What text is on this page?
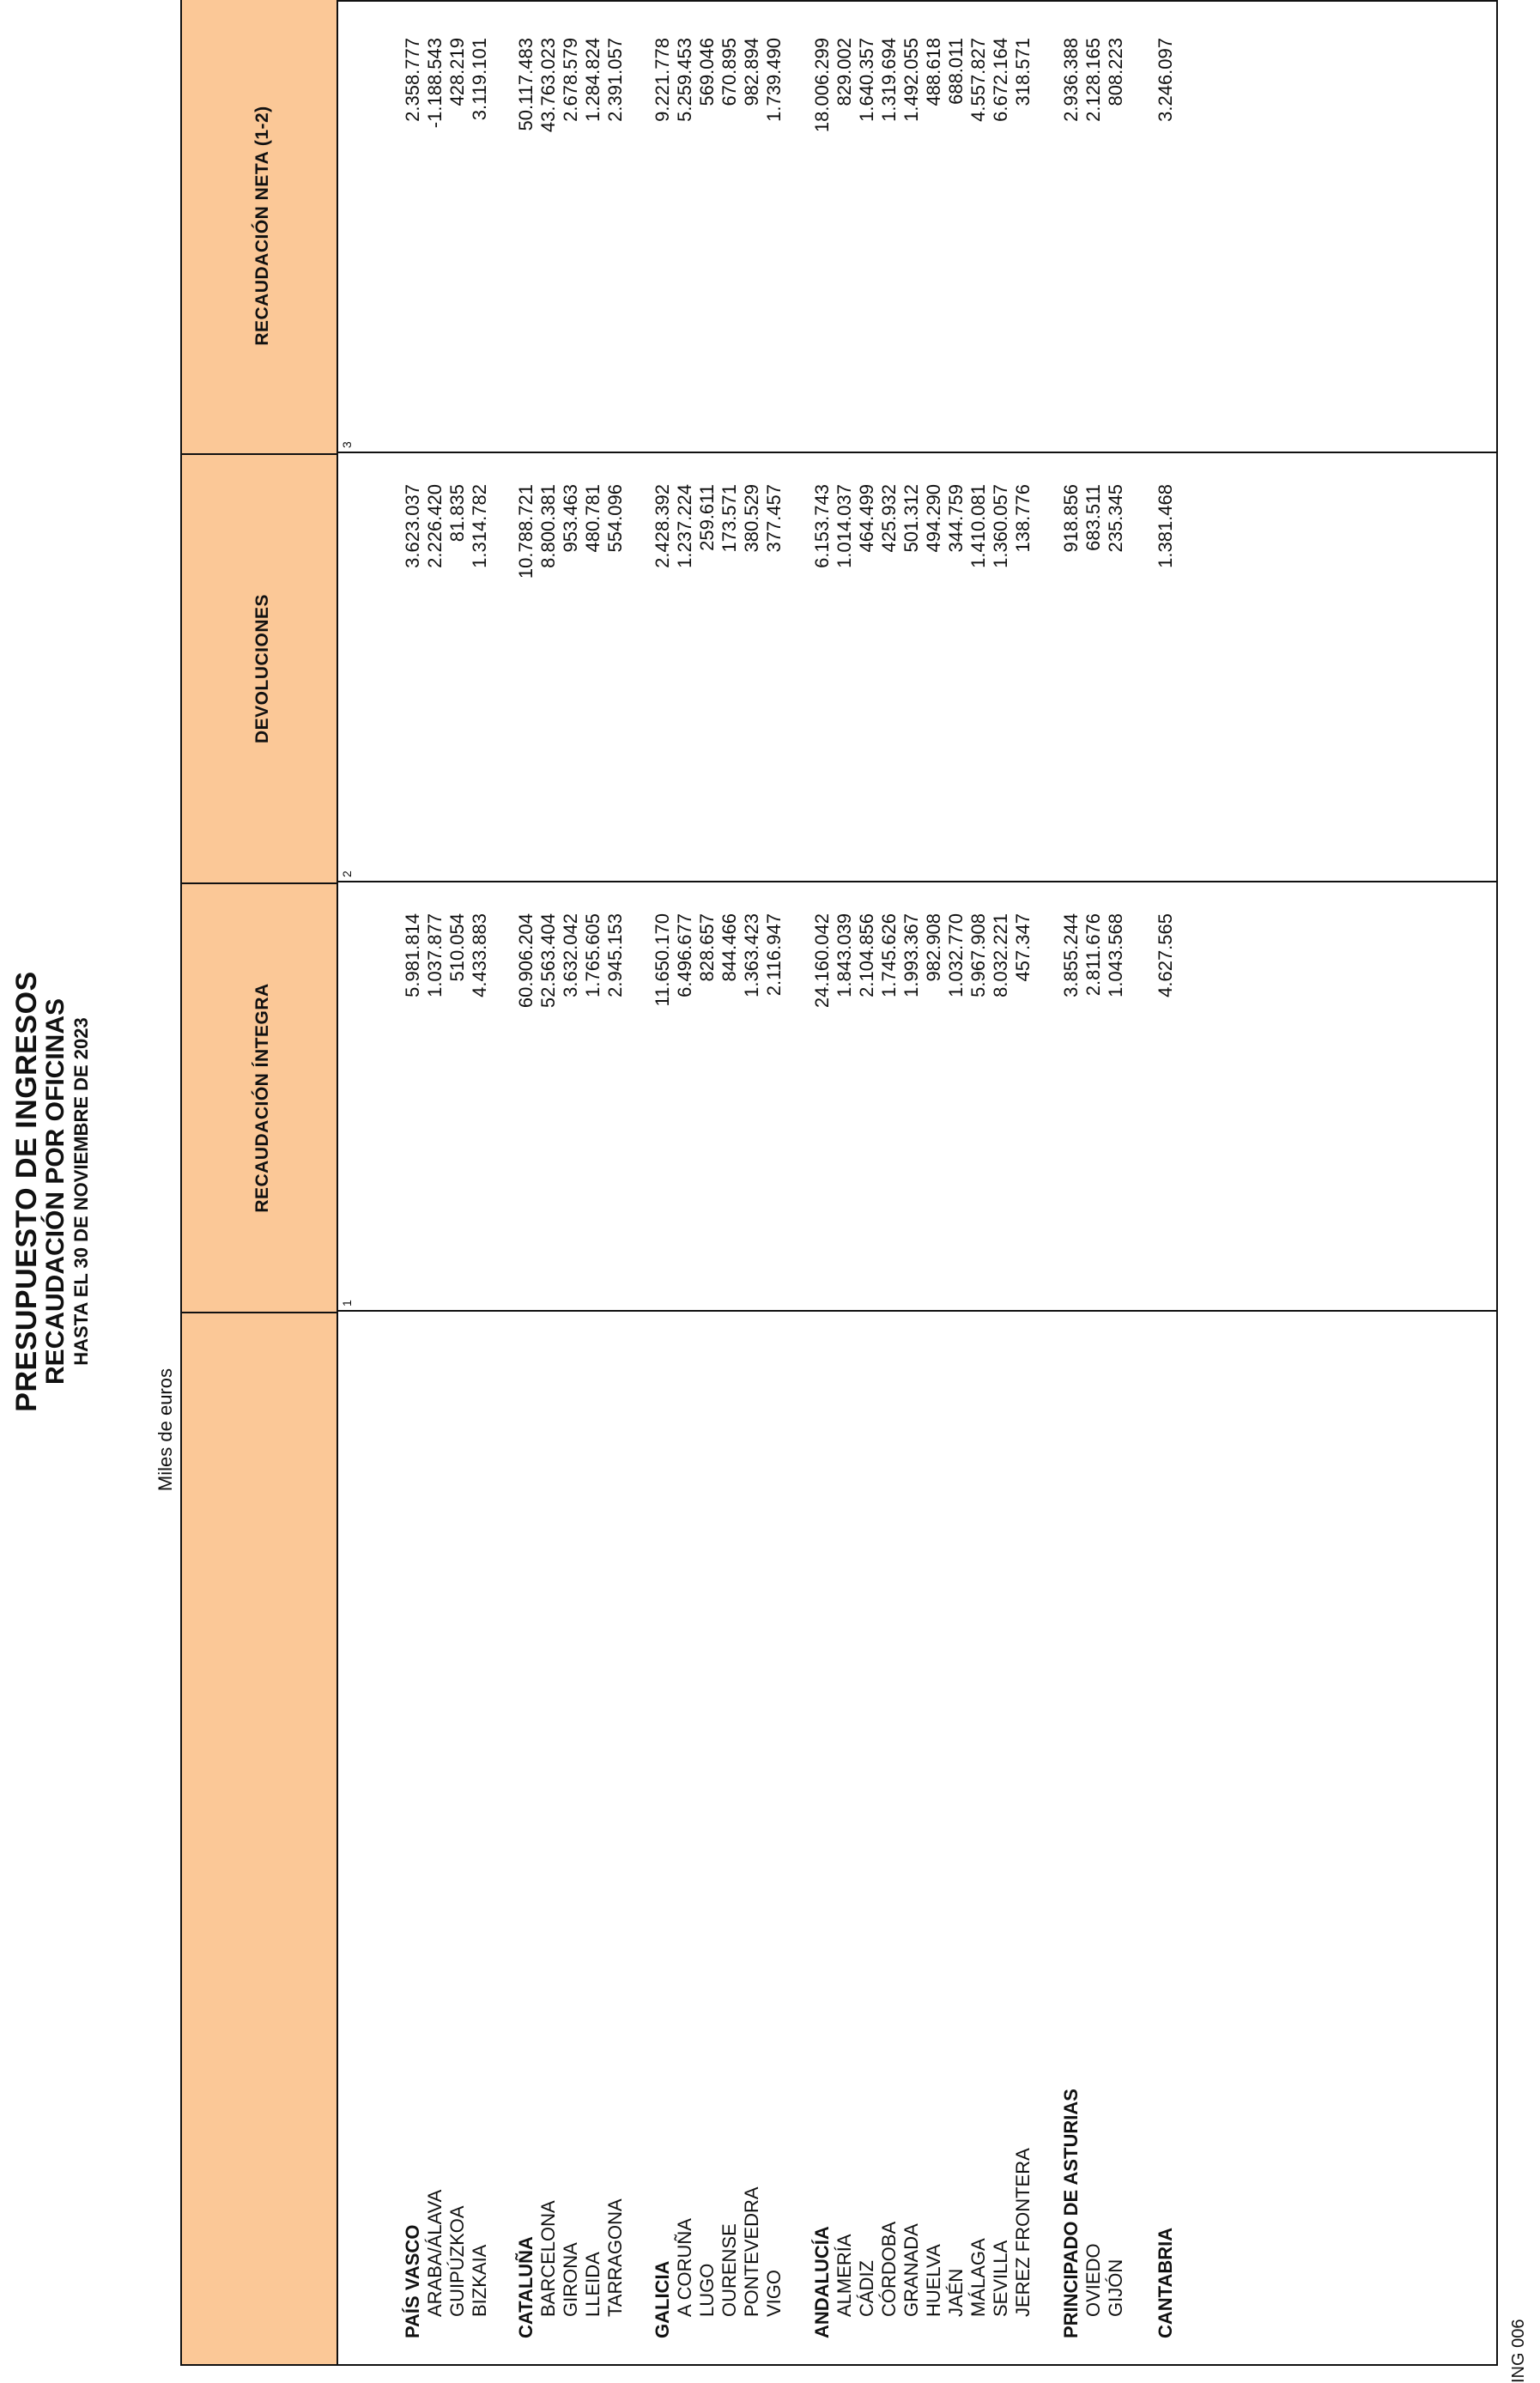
PRESUPUESTO DE INGRESOS
RECAUDACIÓN POR OFICINAS HASTA EL 30 DE NOVIEMBRE DE 2023
Miles de euros
RECAUDACIÓN ÍNTEGRA
DEVOLUCIONES
RECAUDACIÓN NETA (1-2)
1
2
3
PAÍS VASCO
5.981.814
3.623.037
2.358.777
ARABA/ÁLAVA
1.037.877
2.226.420
-1.188.543
GUIPÚZKOA
510.054
81.835
428.219
BIZKAIA
4.433.883
1.314.782
3.119.101
CATALUÑA
60.906.204
10.788.721
50.117.483
BARCELONA
52.563.404
8.800.381
43.763.023
GIRONA
3.632.042
953.463
2.678.579
LLEIDA
1.765.605
480.781
1.284.824
TARRAGONA
2.945.153
554.096
2.391.057
GALICIA
11.650.170
2.428.392
9.221.778
A CORUÑA
6.496.677
1.237.224
5.259.453
LUGO
828.657
259.611
569.046
OURENSE
844.466
173.571
670.895
PONTEVEDRA
1.363.423
380.529
982.894
VIGO
2.116.947
377.457
1.739.490
ANDALUCÍA
24.160.042
6.153.743
18.006.299
ALMERÍA
1.843.039
1.014.037
829.002
CÁDIZ
2.104.856
464.499
1.640.357
CÓRDOBA
1.745.626
425.932
1.319.694
GRANADA
1.993.367
501.312
1.492.055
HUELVA
982.908
494.290
488.618
JAÉN
1.032.770
344.759
688.011
MÁLAGA
5.967.908
1.410.081
4.557.827
SEVILLA
8.032.221
1.360.057
6.672.164
JEREZ FRONTERA
457.347
138.776
318.571
PRINCIPADO DE ASTURIAS
3.855.244
918.856
2.936.388
OVIEDO
2.811.676
683.511
2.128.165
GIJÓN
1.043.568
235.345
808.223
CANTABRIA
4.627.565
1.381.468
3.246.097
ING 006
